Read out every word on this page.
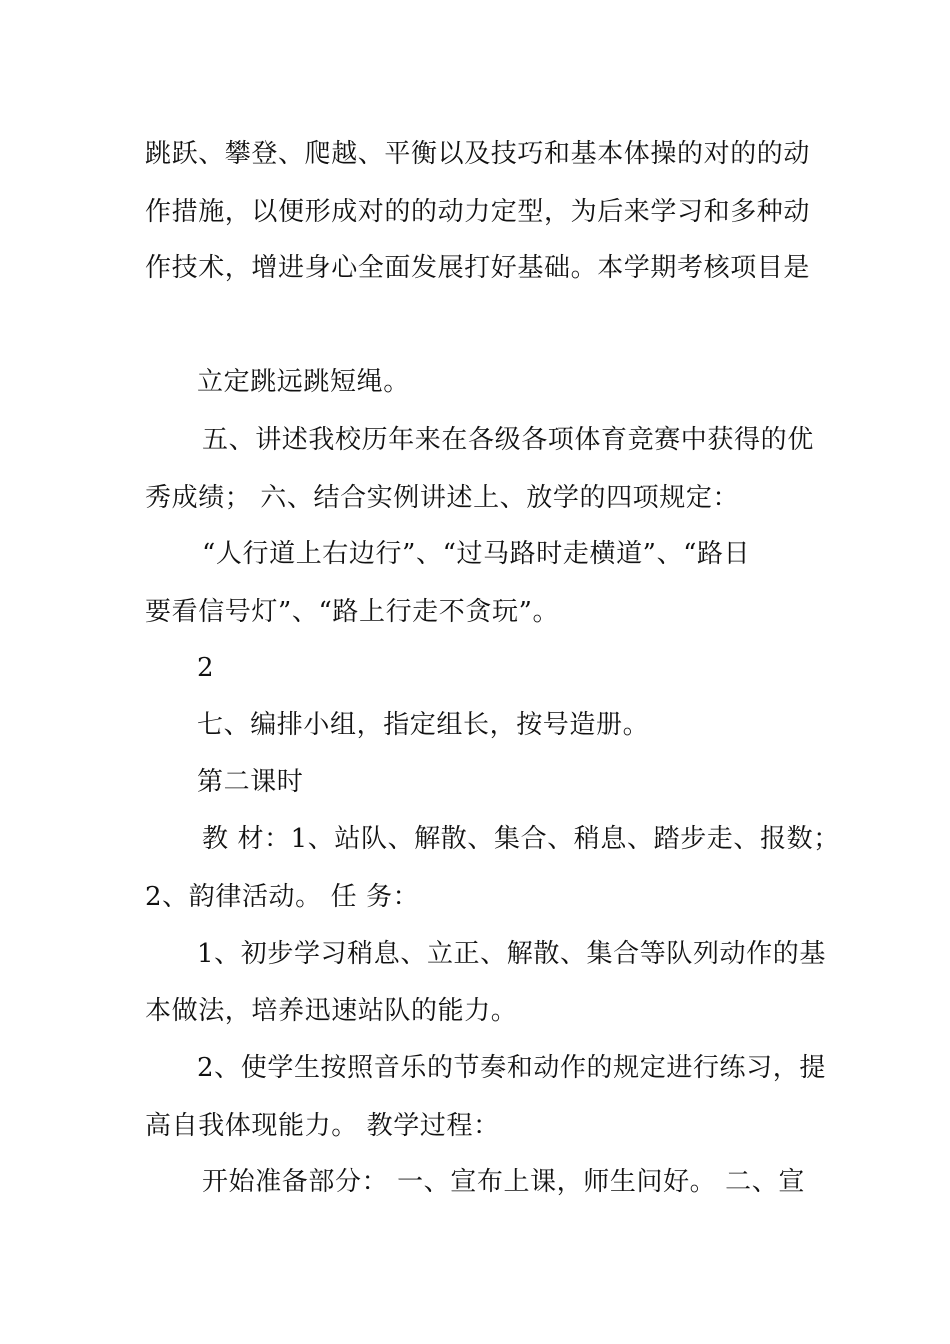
跳跃、攀登、爬越、平衡以及技巧和基本体操的对的的动
作措施，以便形成对的的动力定型，为后来学习和多种动
作技术，增进身心全面发展打好基础。本学期考核项目是
立定跳远跳短绳。
五、讲述我校历年来在各级各项体育竞赛中获得的优
秀成绩； 六、结合实例讲述上、放学的四项规定：
“人行道上右边行”、“过马路时走横道”、“路日
要看信号灯”、“路上行走不贪玩”。
2
七、编排小组，指定组长，按号造册。
第二课时
教 材：1、站队、解散、集合、稍息、踏步走、报数；
2、韵律活动。 任 务：
1、初步学习稍息、立正、解散、集合等队列动作的基
本做法，培养迅速站队的能力。
2、使学生按照音乐的节奏和动作的规定进行练习，提
高自我体现能力。 教学过程：
开始准备部分： 一、宣布上课，师生问好。 二、宣
